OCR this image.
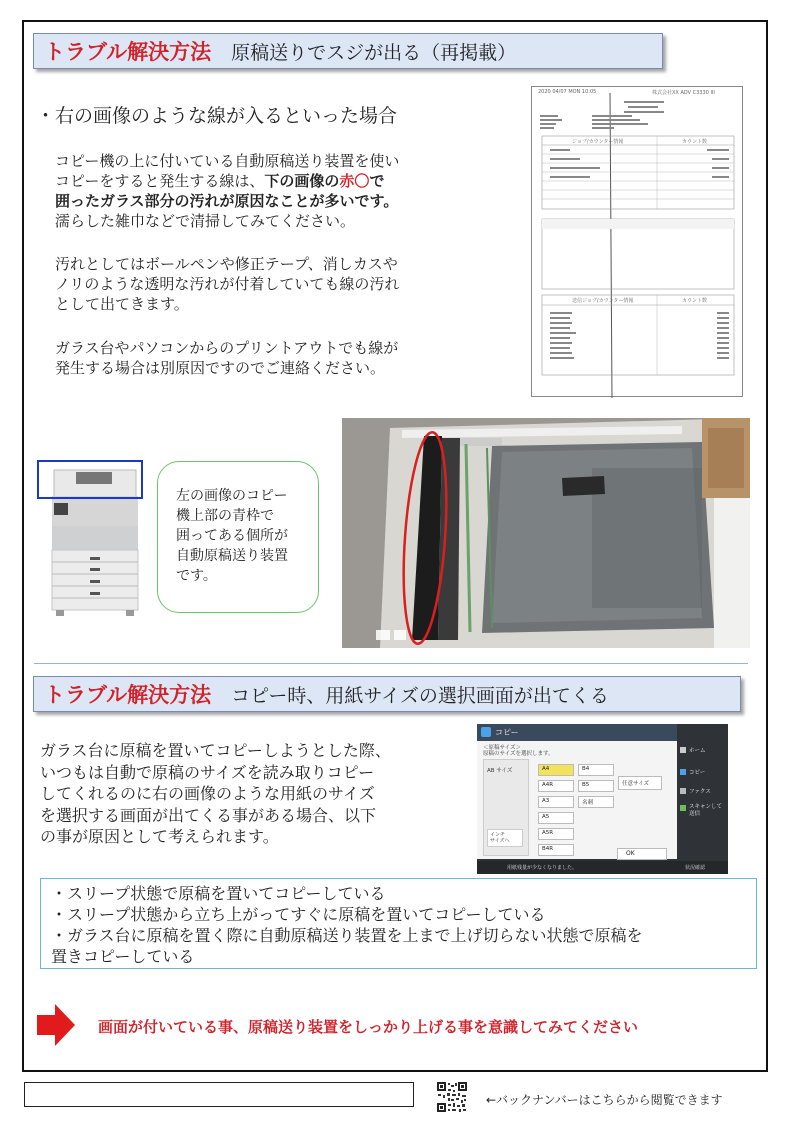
トラブル解決方法 原稿送りでスジが出る（再掲載）
・右の画像のような線が入るといった場合
コピー機の上に付いている自動原稿送り装置を使い
コピーをすると発生する線は、下の画像の赤〇で
囲ったガラス部分の汚れが原因なことが多いです。
濡らした雑巾などで清掃してみてください。
汚れとしてはボールペンや修正テープ、消しカスや
ノリのような透明な汚れが付着していても線の汚れ
として出てきます。
ガラス台やパソコンからのプリントアウトでも線が
発生する場合は別原因ですのでご連絡ください。
2020 04/07 MON 10:05	株式会社XX ADV C3330 III
ジョブ/カウンター情報	カウント数
送信ジョブ/カウンター情報	カウント数
左の画像のコピー
機上部の青枠で
囲ってある個所が
自動原稿送り装置
です。
トラブル解決方法 コピー時、用紙サイズの選択画面が出てくる
ガラス台に原稿を置いてコピーしようとした際、
いつもは自動で原稿のサイズを読み取りコピー
してくれるのに右の画像のような用紙のサイズ
を選択する画面が出てくる事がある場合、以下
の事が原因として考えられます。
コピー
＜原稿サイズ＞
原稿のサイズを選択します。
AB サイズ
インチ
サイズへ
A4	B4
A4R	B5
A3	名刺
A5
A5R
B4R
任意サイズ
OK
用紙残量が少なくなりました。	状況確認
ホーム
コピー
ファクス
スキャンして
送信
・スリープ状態で原稿を置いてコピーしている
・スリープ状態から立ち上がってすぐに原稿を置いてコピーしている
・ガラス台に原稿を置く際に自動原稿送り装置を上まで上げ切らない状態で原稿を
置きコピーしている
画面が付いている事、原稿送り装置をしっかり上げる事を意識してみてください
←バックナンバーはこちらから閲覧できます
